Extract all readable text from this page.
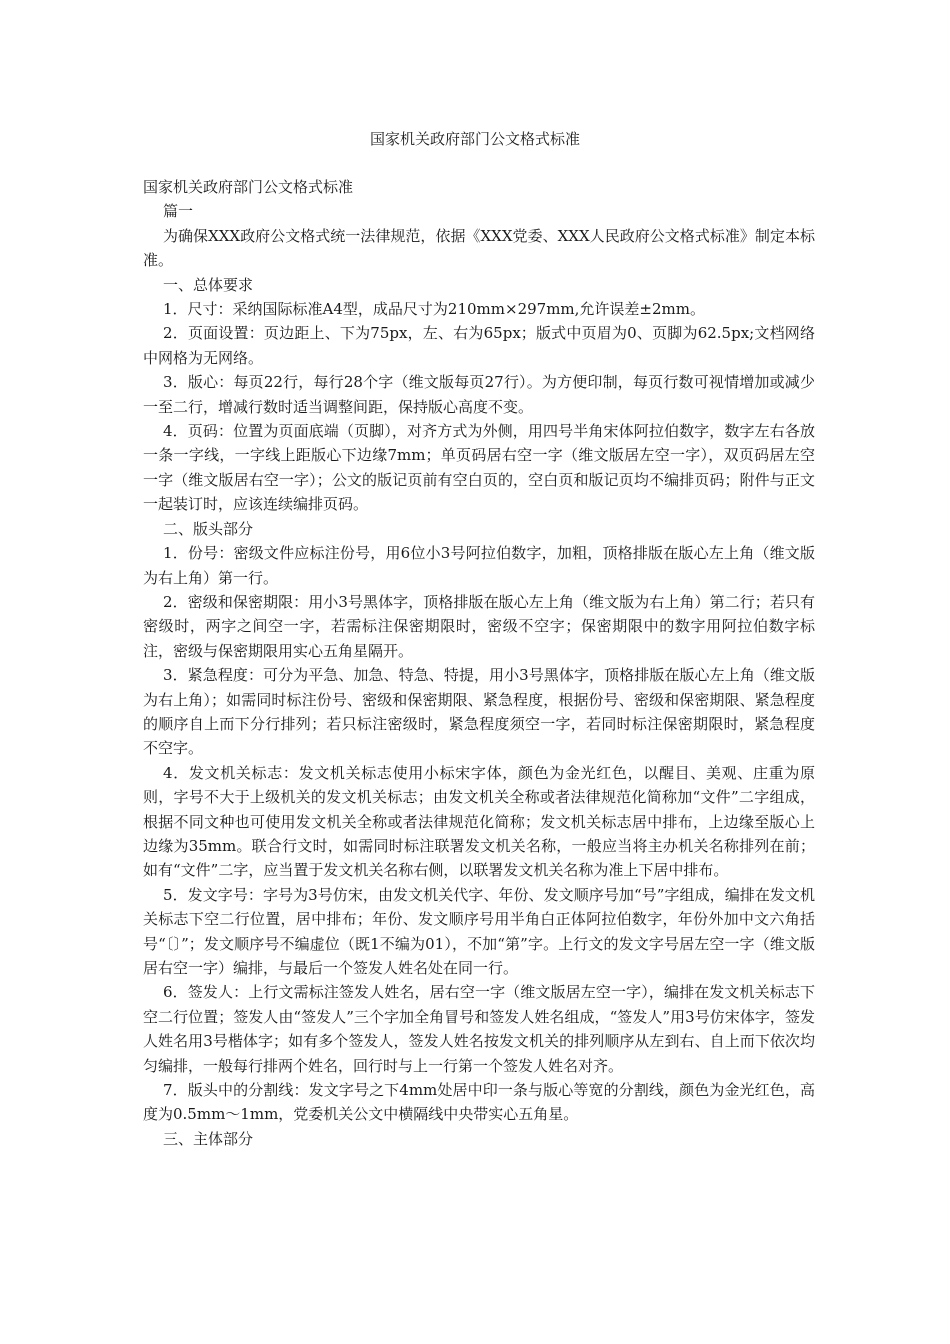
国家机关政府部门公文格式标准

国家机关政府部门公文格式标准

篇一

为确保XXX政府公文格式统一法律规范，依据《XXX党委、XXX人民政府公文格式标准》制定本标准。

一、总体要求

1．尺寸：采纳国际标准A4型，成品尺寸为210mm×297mm,允许误差±2mm。

2．页面设置：页边距上、下为75px，左、右为65px；版式中页眉为0、页脚为62.5px;文档网络中网格为无网络。

3．版心：每页22行，每行28个字（维文版每页27行）。为方便印制，每页行数可视情增加或减少一至二行，增减行数时适当调整间距，保持版心高度不变。

4．页码：位置为页面底端（页脚），对齐方式为外侧，用四号半角宋体阿拉伯数字，数字左右各放一条一字线，一字线上距版心下边缘7mm；单页码居右空一字（维文版居左空一字），双页码居左空一字（维文版居右空一字）；公文的版记页前有空白页的，空白页和版记页均不编排页码；附件与正文一起装订时，应该连续编排页码。

二、版头部分

1．份号：密级文件应标注份号，用6位小3号阿拉伯数字，加粗，顶格排版在版心左上角（维文版为右上角）第一行。

2．密级和保密期限：用小3号黑体字，顶格排版在版心左上角（维文版为右上角）第二行；若只有密级时，两字之间空一字，若需标注保密期限时，密级不空字；保密期限中的数字用阿拉伯数字标注，密级与保密期限用实心五角星隔开。

3．紧急程度：可分为平急、加急、特急、特提，用小3号黑体字，顶格排版在版心左上角（维文版为右上角）；如需同时标注份号、密级和保密期限、紧急程度，根据份号、密级和保密期限、紧急程度的顺序自上而下分行排列；若只标注密级时，紧急程度须空一字，若同时标注保密期限时，紧急程度不空字。

4．发文机关标志：发文机关标志使用小标宋字体，颜色为金光红色，以醒目、美观、庄重为原则，字号不大于上级机关的发文机关标志；由发文机关全称或者法律规范化简称加“文件”二字组成，根据不同文种也可使用发文机关全称或者法律规范化简称；发文机关标志居中排布，上边缘至版心上边缘为35mm。联合行文时，如需同时标注联署发文机关名称，一般应当将主办机关名称排列在前；如有“文件”二字，应当置于发文机关名称右侧，以联署发文机关名称为准上下居中排布。

5．发文字号：字号为3号仿宋，由发文机关代字、年份、发文顺序号加“号”字组成，编排在发文机关标志下空二行位置，居中排布；年份、发文顺序号用半角白正体阿拉伯数字，年份外加中文六角括号“〔〕”；发文顺序号不编虚位（既1不编为01），不加“第”字。上行文的发文字号居左空一字（维文版居右空一字）编排，与最后一个签发人姓名处在同一行。

6．签发人：上行文需标注签发人姓名，居右空一字（维文版居左空一字），编排在发文机关标志下空二行位置；签发人由“签发人”三个字加全角冒号和签发人姓名组成，“签发人”用3号仿宋体字，签发人姓名用3号楷体字；如有多个签发人，签发人姓名按发文机关的排列顺序从左到右、自上而下依次均匀编排，一般每行排两个姓名，回行时与上一行第一个签发人姓名对齐。

7．版头中的分割线：发文字号之下4mm处居中印一条与版心等宽的分割线，颜色为金光红色，高度为0.5mm～1mm，党委机关公文中横隔线中央带实心五角星。

三、主体部分
